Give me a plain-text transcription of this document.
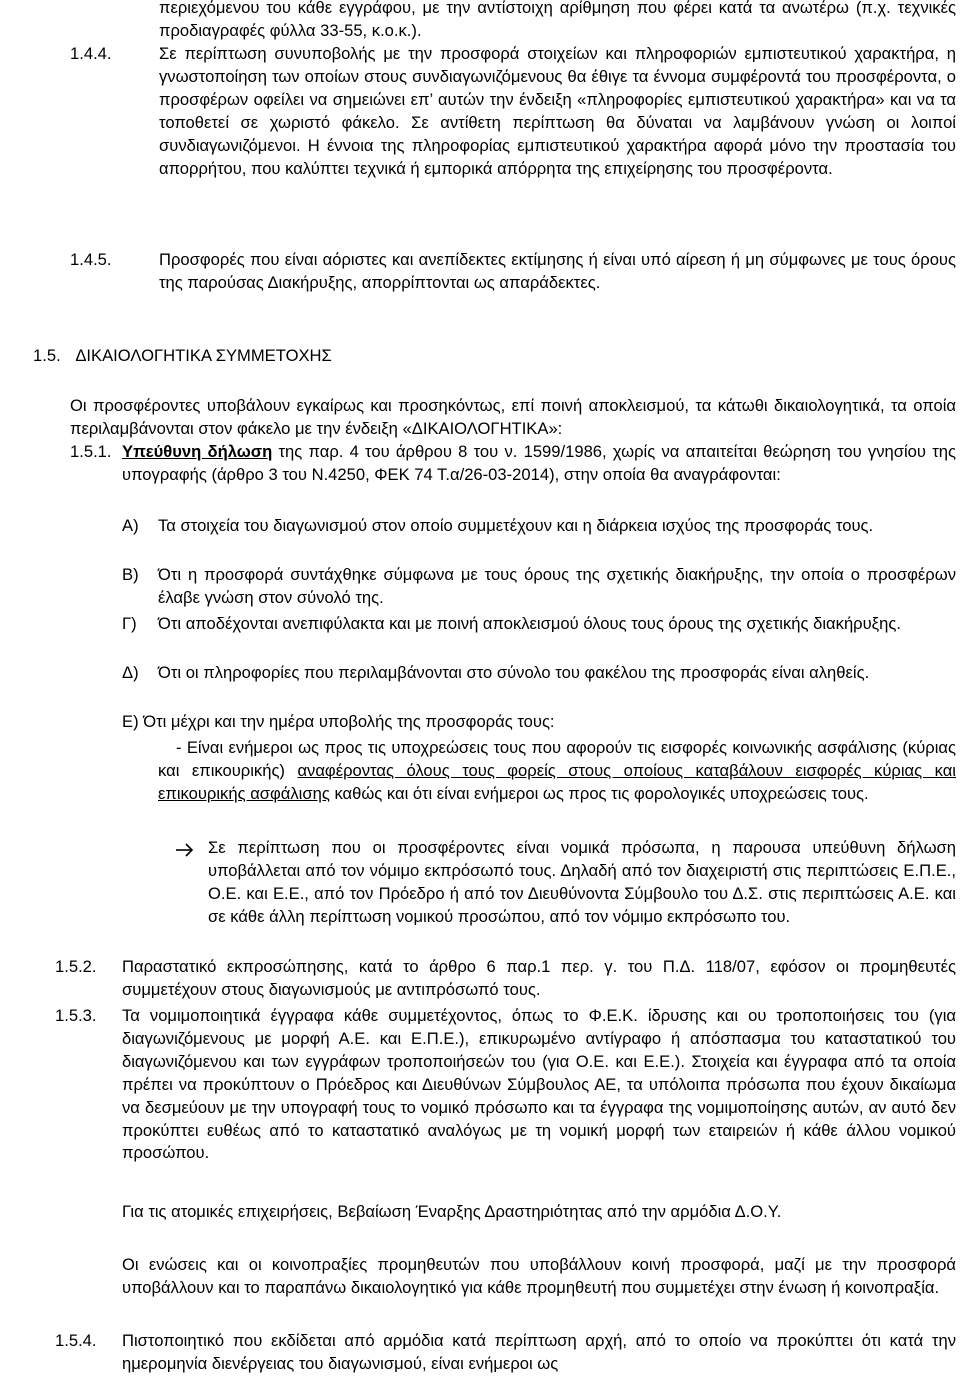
περιεχόμενου του κάθε εγγράφου, με την αντίστοιχη αρίθμηση που φέρει κατά τα ανωτέρω (π.χ. τεχνικές προδιαγραφές φύλλα 33-55, κ.ο.κ.).
1.4.4.	Σε περίπτωση συνυποβολής με την προσφορά στοιχείων και πληροφοριών εμπιστευτικού χαρακτήρα, η γνωστοποίηση των οποίων στους συνδιαγωνιζόμενους θα έθιγε τα έννομα συμφέροντά του προσφέροντα, ο προσφέρων οφείλει να σημειώνει επ’ αυτών την ένδειξη «πληροφορίες εμπιστευτικού χαρακτήρα» και να τα τοποθετεί σε χωριστό φάκελο. Σε αντίθετη περίπτωση θα δύναται να λαμβάνουν γνώση οι λοιποί συνδιαγωνιζόμενοι. Η έννοια της πληροφορίας εμπιστευτικού χαρακτήρα αφορά μόνο την προστασία του απορρήτου, που καλύπτει τεχνικά ή εμπορικά απόρρητα της επιχείρησης του προσφέροντα.
1.4.5.	Προσφορές που είναι αόριστες και ανεπίδεκτες εκτίμησης ή είναι υπό αίρεση ή μη σύμφωνες με τους όρους της παρούσας Διακήρυξης, απορρίπτονται ως απαράδεκτες.
1.5. ΔΙΚΑΙΟΛΟΓΗΤΙΚΑ ΣΥΜΜΕΤΟΧΗΣ
Οι προσφέροντες υποβάλουν εγκαίρως και προσηκόντως, επί ποινή αποκλεισμού, τα κάτωθι δικαιολογητικά, τα οποία περιλαμβάνονται στον φάκελο με την ένδειξη «ΔΙΚΑΙΟΛΟΓΗΤΙΚΑ»:
1.5.1. Υπεύθυνη δήλωση της παρ. 4 του άρθρου 8 του ν. 1599/1986, χωρίς να απαιτείται θεώρηση του γνησίου της υπογραφής (άρθρο 3 του Ν.4250, ΦΕΚ 74 Τ.α/26-03-2014), στην οποία θα αναγράφονται:
Α) Τα στοιχεία του διαγωνισμού στον οποίο συμμετέχουν και η διάρκεια ισχύος της προσφοράς τους.
Β) Ότι η προσφορά συντάχθηκε σύμφωνα με τους όρους της σχετικής διακήρυξης, την οποία ο προσφέρων έλαβε γνώση στον σύνολό της.
Γ) Ότι αποδέχονται ανεπιφύλακτα και με ποινή αποκλεισμού όλους τους όρους της σχετικής διακήρυξης.
Δ) Ότι οι πληροφορίες που περιλαμβάνονται στο σύνολο του φακέλου της προσφοράς είναι αληθείς.
Ε) Ότι μέχρι και την ημέρα υποβολής της προσφοράς τους:
- Είναι ενήμεροι ως προς τις υποχρεώσεις τους που αφορούν τις εισφορές κοινωνικής ασφάλισης (κύριας και επικουρικής) αναφέροντας όλους τους φορείς στους οποίους καταβάλουν εισφορές κύριας και επικουρικής ασφάλισης καθώς και ότι είναι ενήμεροι ως προς τις φορολογικές υποχρεώσεις τους.
Σε περίπτωση που οι προσφέροντες είναι νομικά πρόσωπα, η παρουσα υπεύθυνη δήλωση υποβάλλεται από τον νόμιμο εκπρόσωπό τους. Δηλαδή από τον διαχειριστή στις περιπτώσεις Ε.Π.Ε., Ο.Ε. και Ε.Ε., από τον Πρόεδρο ή από τον Διευθύνοντα Σύμβουλο του Δ.Σ. στις περιπτώσεις Α.Ε. και σε κάθε άλλη περίπτωση νομικού προσώπου, από τον νόμιμο εκπρόσωπο του.
1.5.2. Παραστατικό εκπροσώπησης, κατά το άρθρο 6 παρ.1 περ. γ. του Π.Δ. 118/07, εφόσον οι προμηθευτές συμμετέχουν στους διαγωνισμούς με αντιπρόσωπό τους.
1.5.3. Τα νομιμοποιητικά έγγραφα κάθε συμμετέχοντος, όπως το Φ.Ε.Κ. ίδρυσης και ου τροποποιήσεις του (για διαγωνιζόμενους με μορφή Α.Ε. και Ε.Π.Ε.), επικυρωμένο αντίγραφο ή απόσπασμα του καταστατικού του διαγωνιζόμενου και των εγγράφων τροποποιήσεών του (για Ο.Ε. και Ε.Ε.). Στοιχεία και έγγραφα από τα οποία πρέπει να προκύπτουν ο Πρόεδρος και Διευθύνων Σύμβουλος ΑΕ, τα υπόλοιπα πρόσωπα που έχουν δικαίωμα να δεσμεύουν με την υπογραφή τους το νομικό πρόσωπο και τα έγγραφα της νομιμοποίησης αυτών, αν αυτό δεν προκύπτει ευθέως από το καταστατικό αναλόγως με τη νομική μορφή των εταιρειών ή κάθε άλλου νομικού προσώπου.
Για τις ατομικές επιχειρήσεις, Βεβαίωση Έναρξης Δραστηριότητας από την αρμόδια Δ.Ο.Υ.
Οι ενώσεις και οι κοινοπραξίες προμηθευτών που υποβάλλουν κοινή προσφορά, μαζί με την προσφορά υποβάλλουν και το παραπάνω δικαιολογητικό για κάθε προμηθευτή που συμμετέχει στην ένωση ή κοινοπραξία.
1.5.4. Πιστοποιητικό που εκδίδεται από αρμόδια κατά περίπτωση αρχή, από το οποίο να προκύπτει ότι κατά την ημερομηνία διενέργειας του διαγωνισμού, είναι ενήμεροι ως
